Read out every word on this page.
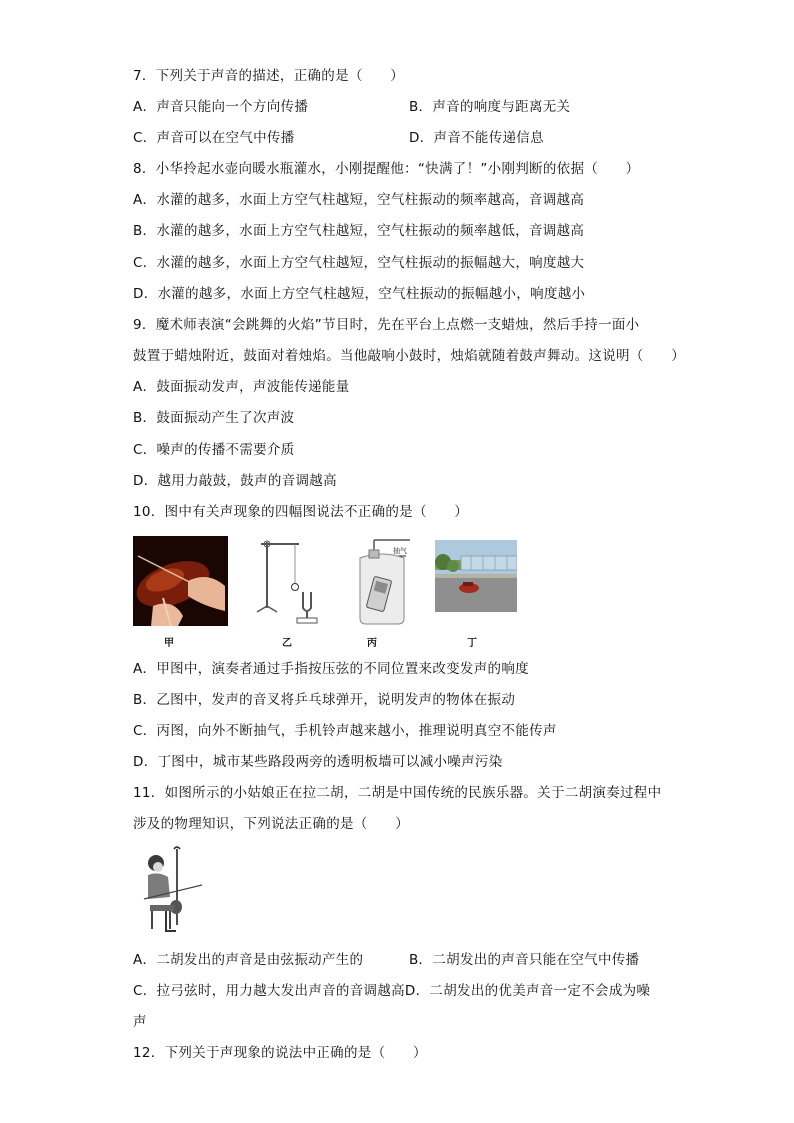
7．下列关于声音的描述，正确的是（　　）
A．声音只能向一个方向传播	B．声音的响度与距离无关
C．声音可以在空气中传播	D．声音不能传递信息
8．小华拎起水壶向暖水瓶灌水，小刚提醒他：“快满了！”小刚判断的依据（　　）
A．水灌的越多，水面上方空气柱越短，空气柱振动的频率越高，音调越高
B．水灌的越多，水面上方空气柱越短，空气柱振动的频率越低，音调越高
C．水灌的越多，水面上方空气柱越短，空气柱振动的振幅越大，响度越大
D．水灌的越多，水面上方空气柱越短，空气柱振动的振幅越小，响度越小
9．魔术师表演“会跳舞的火焰”节目时，先在平台上点燃一支蜡烛，然后手持一面小
鼓置于蜡烛附近，鼓面对着烛焰。当他敲响小鼓时，烛焰就随着鼓声舞动。这说明（　　）
A．鼓面振动发声，声波能传递能量
B．鼓面振动产生了次声波
C．噪声的传播不需要介质
D．越用力敲鼓，鼓声的音调越高
10．图中有关声现象的四幅图说法不正确的是（　　）
抽气
甲	乙	丙	丁
A．甲图中，演奏者通过手指按压弦的不同位置来改变发声的响度
B．乙图中，发声的音叉将乒乓球弹开，说明发声的物体在振动
C．丙图，向外不断抽气，手机铃声越来越小，推理说明真空不能传声
D．丁图中，城市某些路段两旁的透明板墙可以减小噪声污染
11．如图所示的小姑娘正在拉二胡，二胡是中国传统的民族乐器。关于二胡演奏过程中
涉及的物理知识，下列说法正确的是（　　）
A．二胡发出的声音是由弦振动产生的	B．二胡发出的声音只能在空气中传播
C．拉弓弦时，用力越大发出声音的音调越高D．二胡发出的优美声音一定不会成为噪
声
12．下列关于声现象的说法中正确的是（　　）
